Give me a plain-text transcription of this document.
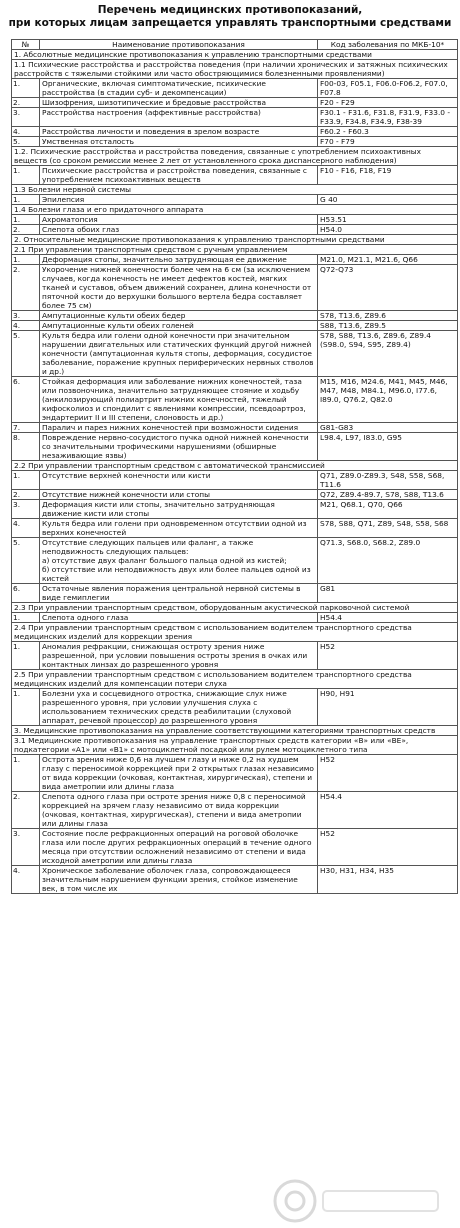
Перечень медицинских противопоказаний,
при которых лицам запрещается управлять транспортными средствами
№	Наименование противопоказания	Код заболевания по МКБ-10*
1. Абсолютные медицинские противопоказания к управлению транспортными средствами		
1.1 Психические расстройства и расстройства поведения (при наличии хронических и затяжных психических расстройств с тяжелыми стойкими или часто обостряющимися болезненными проявлениями)		
1.	Органические, включая симптоматические, психические расстройства (в стадии суб- и декомпенсации)	F00-03, F05.1, F06.0-F06.2, F07.0, F07.8
2.	Шизофрения, шизотипические и бредовые расстройства	F20 - F29
3.	Расстройства настроения (аффективные расстройства)	F30.1 - F31.6, F31.8, F31.9, F33.0 - F33.9, F34.8, F34.9, F38-39
4.	Расстройства личности и поведения в зрелом возрасте	F60.2 - F60.3
5.	Умственная отсталость	F70 - F79
1.2. Психические расстройства и расстройства поведения, связанные с употреблением психоактивных веществ (со сроком ремиссии менее 2 лет от установленного срока диспансерного наблюдения)		
1.	Психические расстройства и расстройства поведения, связанные с употреблением психоактивных веществ	F10 - F16, F18, F19
1.3 Болезни нервной системы		
1.	Эпилепсия	G 40
1.4 Болезни глаза и его придаточного аппарата		
1.	Ахроматопсия	H53.51
2.	Слепота обоих глаз	H54.0
2. Относительные медицинские противопоказания к управлению транспортными средствами		
2.1 При управлении транспортным средством с ручным управлением		
1.	Деформация стопы, значительно затрудняющая ее движение	M21.0, M21.1, M21.6, Q66
2.	Укорочение нижней конечности более чем на 6 см (за исключением случаев, когда конечность не имеет дефектов костей, мягких тканей и суставов, объем движений сохранен, длина конечности от пяточной кости до верхушки большого вертела бедра составляет более 75 см)	Q72-Q73
3.	Ампутационные культи обеих бедер	S78, T13.6, Z89.6
4.	Ампутационные культи обеих голеней	S88, T13.6, Z89.5
5.	Культя бедра или голени одной конечности при значительном нарушении двигательных или статических функций другой нижней конечности (ампутационная культя стопы, деформация, сосудистое заболевание, поражение крупных периферических нервных стволов и др.)	S78, S88, T13.6, Z89.6, Z89.4 (S98.0, S94, S95, Z89.4)
6.	Стойкая деформация или заболевание нижних конечностей, таза или позвоночника, значительно затрудняющее стояние и ходьбу (анкилозирующий полиартрит нижних конечностей, тяжелый кифосколиоз и спондилит с явлениями компрессии, псевдоартроз, эндартериит II и III степени, слоновость и др.)	M15, M16, M24.6, M41, M45, M46, M47, M48, M84.1, M96.0, I77.6, I89.0, Q76.2, Q82.0
7.	Паралич и парез нижних конечностей при возможности сидения	G81-G83
8.	Повреждение нервно-сосудистого пучка одной нижней конечности со значительными трофическими нарушениями (обширные незаживающие язвы)	L98.4, L97, I83.0, G95
2.2 При управлении транспортным средством с автоматической трансмиссией		
1.	Отсутствие верхней конечности или кисти	Q71, Z89.0-Z89.3, S48, S58, S68, T11.6
2.	Отсутствие нижней конечности или стопы	Q72, Z89.4-89.7, S78, S88, T13.6
3.	Деформация кисти или стопы, значительно затрудняющая движение кисти или стопы	M21, Q68.1, Q70, Q66
4.	Культя бедра или голени при одновременном отсутствии одной из верхних конечностей	S78, S88, Q71, Z89, S48, S58, S68
5.	Отсутствие следующих пальцев или фаланг, а также неподвижность следующих пальцев:
а) отсутствие двух фаланг большого пальца одной из кистей;
б) отсутствие или неподвижность двух или более пальцев одной из кистей	Q71.3, S68.0, S68.2, Z89.0
6.	Остаточные явления поражения центральной нервной системы в виде гемиплегии	G81
2.3 При управлении транспортным средством, оборудованным акустической парковочной системой		
1.	Слепота одного глаза	H54.4
2.4 При управлении транспортным средством с использованием водителем транспортного средства медицинских изделий для коррекции зрения		
1.	Аномалия рефракции, снижающая остроту зрения ниже разрешенной, при условии повышения остроты зрения в очках или контактных линзах до разрешенного уровня	H52
2.5 При управлении транспортным средством с использованием водителем транспортного средства медицинских изделий для компенсации потери слуха		
1.	Болезни уха и сосцевидного отростка, снижающие слух ниже разрешенного уровня, при условии улучшения слуха с использованием технических средств реабилитации (слуховой аппарат, речевой процессор) до разрешенного уровня	H90, H91
3. Медицинские противопоказания на управление соответствующими категориями транспортных средств		
3.1 Медицинские противопоказания на управление транспортных средств категории «В» или «ВЕ», подкатегории «А1» или «В1» с мотоциклетной посадкой или рулем мотоциклетного типа		
1.	Острота зрения ниже 0,6 на лучшем глазу и ниже 0,2 на худшем глазу с переносимой коррекцией при 2 открытых глазах независимо от вида коррекции (очковая, контактная, хирургическая), степени и вида аметропии или длины глаза	H52
2.	Слепота одного глаза при остроте зрения ниже 0,8 с переносимой коррекцией на зрячем глазу независимо от вида коррекции (очковая, контактная, хирургическая), степени и вида аметропии или длины глаза	H54.4
3.	Состояние после рефракционных операций на роговой оболочке глаза или после других рефракционных операций в течение одного месяца при отсутствии осложнений независимо от степени и вида исходной аметропии или длины глаза	H52
4.	Хроническое заболевание оболочек глаза, сопровождающееся значительным нарушением функции зрения, стойкое изменение век, в том числе их	H30, H31, H34, H35
